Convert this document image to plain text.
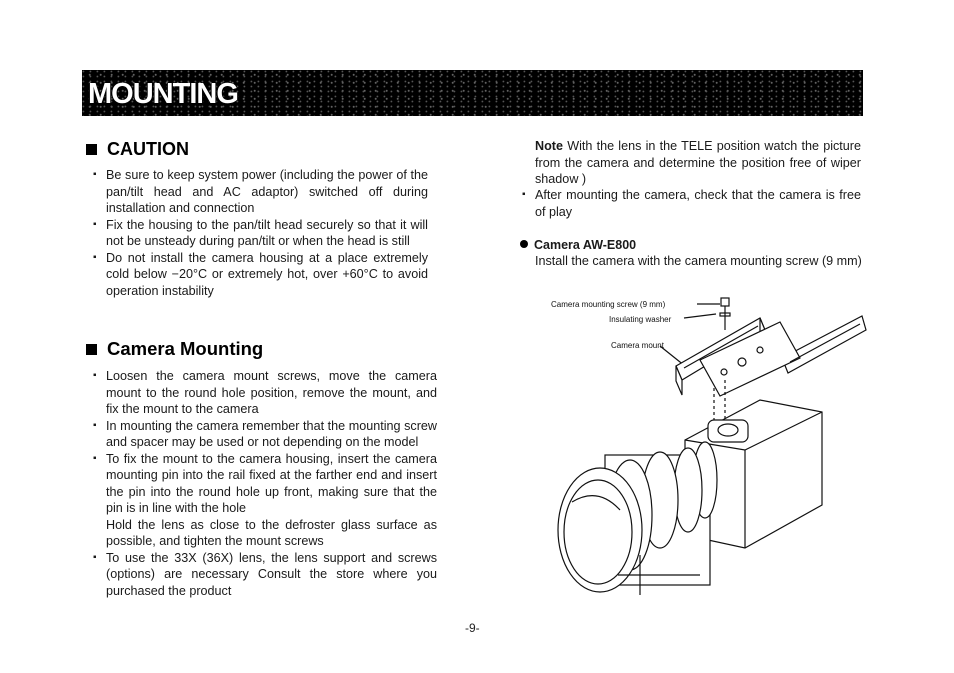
MOUNTING
CAUTION
▪ Be sure to keep system power (including the power of the pan/tilt head and AC adaptor) switched off during installation and connection
▪ Fix the housing to the pan/tilt head securely so that it will not be unsteady during pan/tilt or when the head is still
▪ Do not install the camera housing at a place extremely cold below −20°C or extremely hot, over +60°C to avoid operation instability
Camera Mounting
▪ Loosen the camera mount screws, move the camera mount to the round hole position, remove the mount, and fix the mount to the camera
▪ In mounting the camera remember that the mounting screw and spacer may be used or not depending on the model
▪ To fix the mount to the camera housing, insert the camera mounting pin into the rail fixed at the farther end and insert the pin into the round hole up front, making sure that the pin is in line with the hole
Hold the lens as close to the defroster glass surface as possible, and tighten the mount screws
▪ To use the 33X (36X) lens, the lens support and screws (options) are necessary Consult the store where you purchased the product
Note With the lens in the TELE position watch the picture from the camera and determine the position free of wiper shadow )
▪ After mounting the camera, check that the camera is free of play
Camera AW-E800
Install the camera with the camera mounting screw (9 mm)
Camera mounting screw (9 mm)
Insulating washer
Camera mount
-9-
